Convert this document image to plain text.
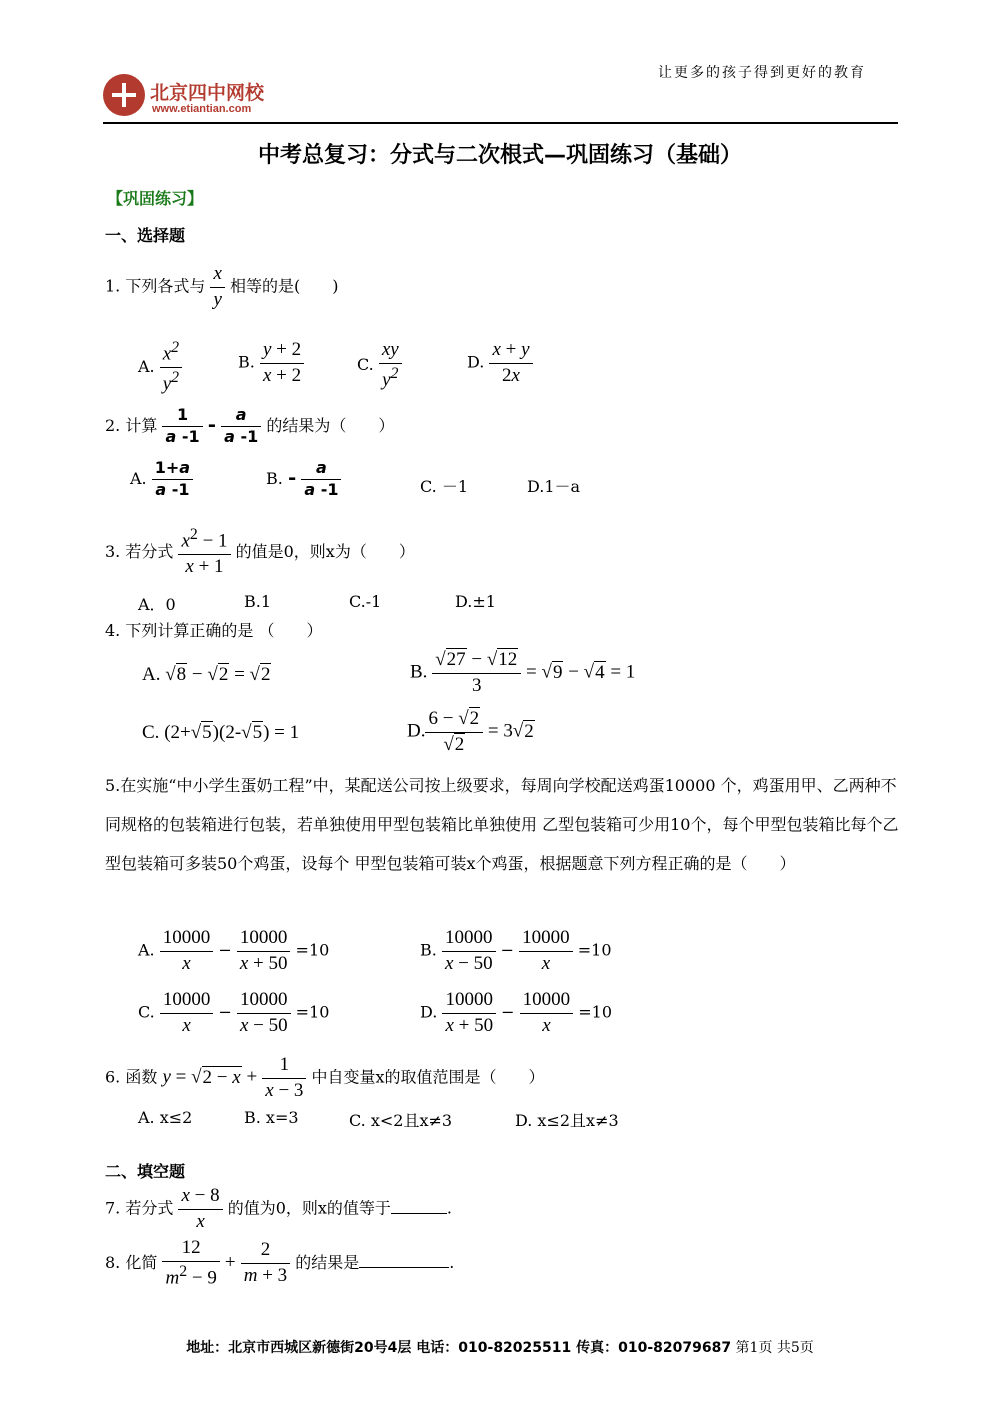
北京四中网校
www.etiantian.com
让更多的孩子得到更好的教育
中考总复习：分式与二次根式—巩固练习（基础）
【巩固练习】
一、选择题
1. 下列各式与 $\frac{x}{y}$ 相等的是(　　)
A. $\frac{x^2}{y^2}$	B. $\frac{y + 2}{x + 2}$	C. $\frac{xy}{y^2}$	D. $\frac{x + y}{2x}$
2. 计算 $\frac{1}{a -1} - \frac{a}{a -1}$ 的结果为（　　）
A. $\frac{1+a}{a -1}$	B. - $\frac{a}{a -1}$	C. －1	D.1－a
3. 若分式 $\frac{x^2 - 1}{x + 1}$ 的值是0，则x为（　　）
A．0	B.1	C.-1	D.±1
4. 下列计算正确的是 （　　）
A. √8 − √2 = √2	B. $\frac{√27 - √12}{3} = √9 - √4 = 1$
C. (2+√5)(2-√5) = 1	D. $\frac{6 - √2}{√2} = 3√2$
5.在实施“中小学生蛋奶工程”中，某配送公司按上级要求，每周向学校配送鸡蛋10000 个，鸡蛋用甲、乙两种不同规格的包装箱进行包装，若单独使用甲型包装箱比单独使用 乙型包装箱可少用10个，每个甲型包装箱比每个乙型包装箱可多装50个鸡蛋，设每个 甲型包装箱可装x个鸡蛋，根据题意下列方程正确的是（　　）
A. $\frac{10000}{x} - \frac{10000}{x + 50} =10$	B. $\frac{10000}{x - 50} - \frac{10000}{x} =10$
C. $\frac{10000}{x} - \frac{10000}{x - 50} =10$	D. $\frac{10000}{x + 50} - \frac{10000}{x} =10$
6. 函数 $y = √2 - x + \frac{1}{x - 3}$ 中自变量x的取值范围是（　　）
A. x≤2	B. x=3	C. x<2且x≠3	D. x≤2且x≠3
二、填空题
7. 若分式 $\frac{x - 8}{x}$ 的值为0，则x的值等于	.
8. 化简 $\frac{12}{m^2 - 9} + \frac{2}{m + 3}$ 的结果是	.
地址：北京市西城区新德街20号4层 电话：010-82025511 传真：010-82079687 第1页 共5页
